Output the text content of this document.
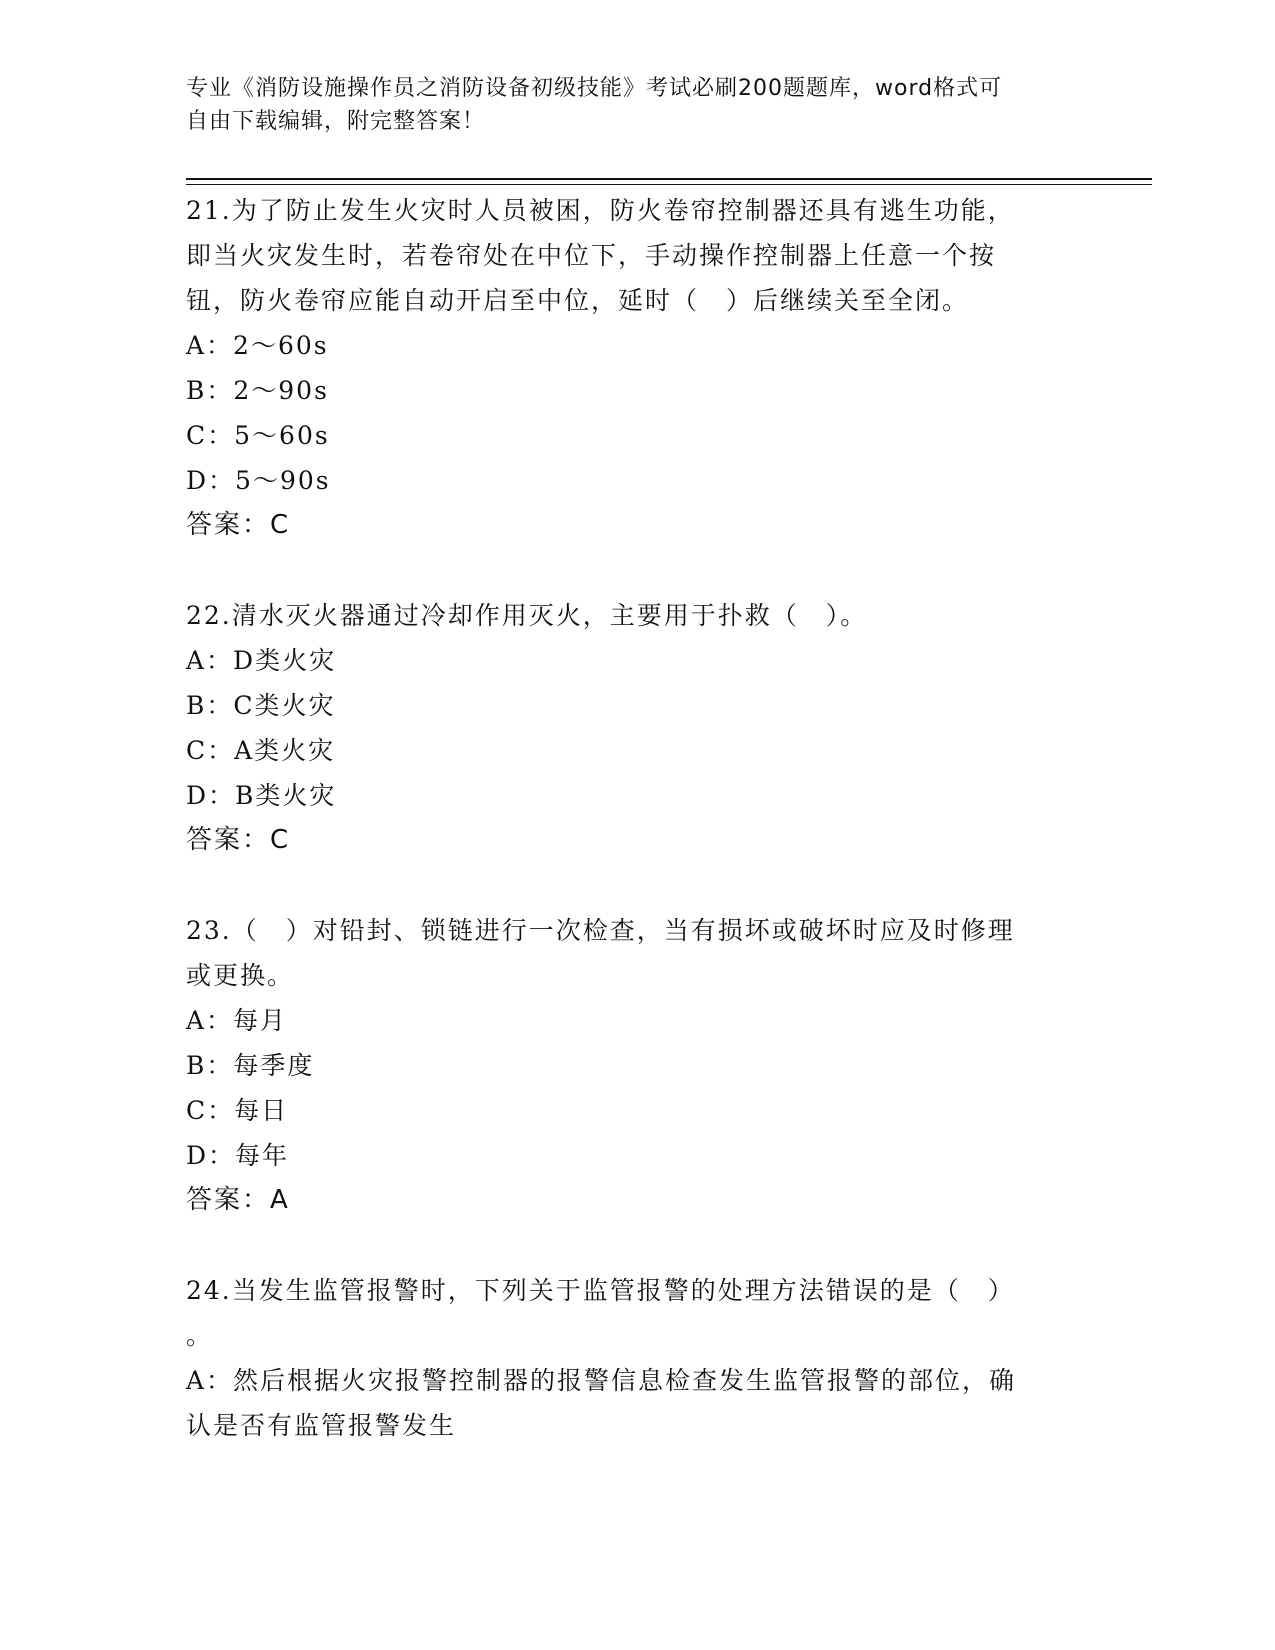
专业《消防设施操作员之消防设备初级技能》考试必刷200题题库，word格式可
自由下载编辑，附完整答案！
21.为了防止发生火灾时人员被困，防火卷帘控制器还具有逃生功能，
即当火灾发生时，若卷帘处在中位下，手动操作控制器上任意一个按
钮，防火卷帘应能自动开启至中位，延时（　）后继续关至全闭。
A：2～60s
B：2～90s
C：5～60s
D：5～90s
答案：C
22.清水灭火器通过冷却作用灭火，主要用于扑救（　）。
A：D类火灾
B：C类火灾
C：A类火灾
D：B类火灾
答案：C
23.（　）对铅封、锁链进行一次检查，当有损坏或破坏时应及时修理
或更换。
A：每月
B：每季度
C：每日
D：每年
答案：A
24.当发生监管报警时，下列关于监管报警的处理方法错误的是（　）
。
A：然后根据火灾报警控制器的报警信息检查发生监管报警的部位，确
认是否有监管报警发生
